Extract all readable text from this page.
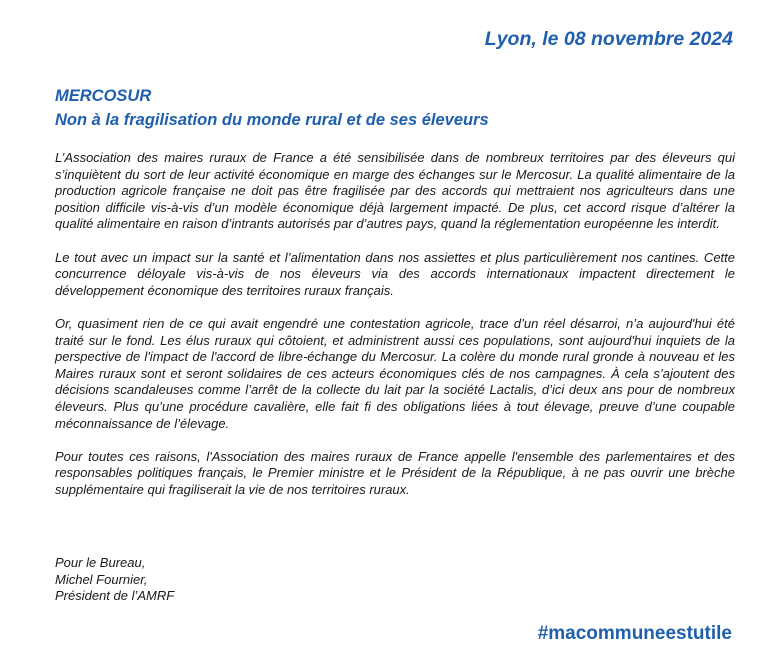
Lyon, le 08 novembre 2024
MERCOSUR
Non à la fragilisation du monde rural et de ses éleveurs

L’Association des maires ruraux de France a été sensibilisée dans de nombreux territoires par des éleveurs qui s’inquiètent du sort de leur activité économique en marge des échanges sur le Mercosur. La qualité alimentaire de la production agricole française ne doit pas être fragilisée par des accords qui mettraient nos agriculteurs dans une position difficile vis-à-vis d’un modèle économique déjà largement impacté. De plus, cet accord risque d’altérer la qualité alimentaire en raison d’intrants autorisés par d’autres pays, quand la réglementation européenne les interdit.

Le tout avec un impact sur la santé et l’alimentation dans nos assiettes et plus particulièrement nos cantines. Cette concurrence déloyale vis-à-vis de nos éleveurs via des accords internationaux impactent directement le développement économique des territoires ruraux français.

Or, quasiment rien de ce qui avait engendré une contestation agricole, trace d’un réel désarroi, n’a aujourd'hui été traité sur le fond. Les élus ruraux qui côtoient, et administrent aussi ces populations, sont aujourd'hui inquiets de la perspective de l'impact de l'accord de libre-échange du Mercosur. La colère du monde rural gronde à nouveau et les Maires ruraux sont et seront solidaires de ces acteurs économiques clés de nos campagnes. À cela s’ajoutent des décisions scandaleuses comme l’arrêt de la collecte du lait par la société Lactalis, d’ici deux ans pour de nombreux éleveurs. Plus qu’une procédure cavalière, elle fait fi des obligations liées à tout élevage, preuve d’une coupable méconnaissance de l’élevage.

Pour toutes ces raisons, l'Association des maires ruraux de France appelle l'ensemble des parlementaires et des responsables politiques français, le Premier ministre et le Président de la République, à ne pas ouvrir une brèche supplémentaire qui fragiliserait la vie de nos territoires ruraux.

Pour le Bureau,
Michel Fournier,
Président de l’AMRF
#macommuneestutile
